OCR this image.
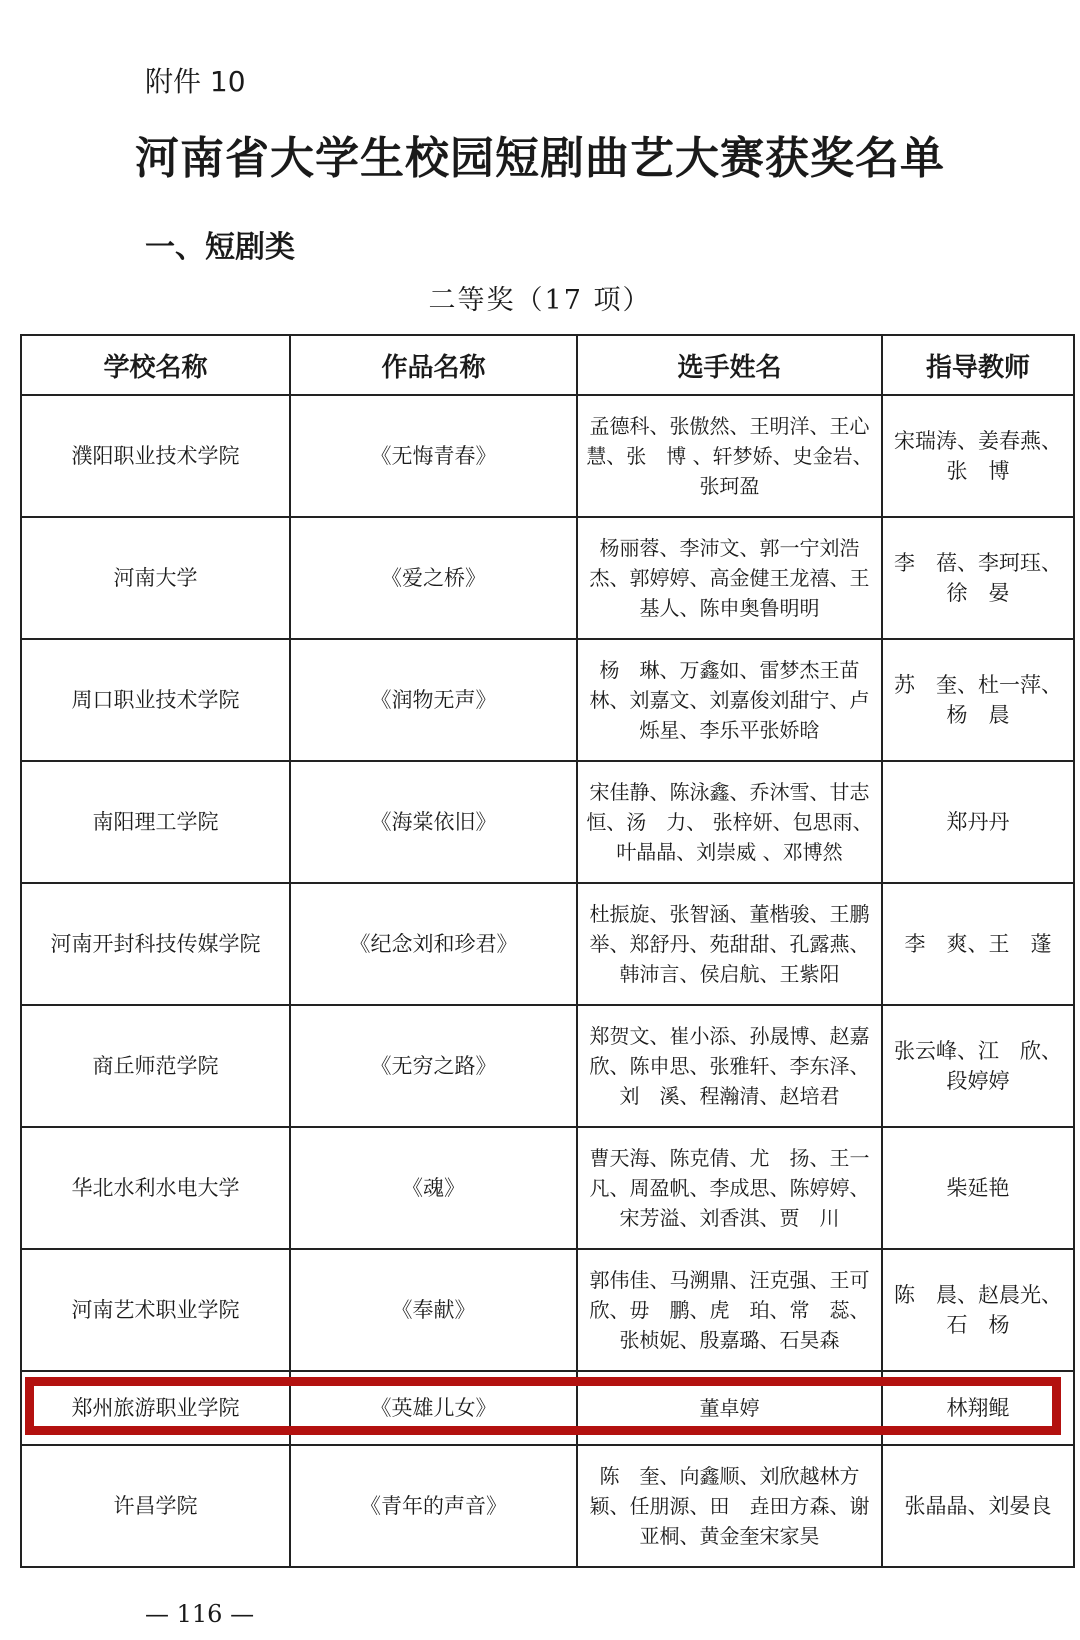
附件 10
河南省大学生校园短剧曲艺大赛获奖名单
一、短剧类
二等奖（17 项）
学校名称	作品名称	选手姓名	指导教师
濮阳职业技术学院	《无悔青春》	孟德科、张傲然、王明洋、王心慧、张　博 、轩梦娇、史金岩、张珂盈	宋瑞涛、姜春燕、张　博
河南大学	《爱之桥》	杨丽蓉、李沛文、郭一宁刘浩杰、郭婷婷、高金健王龙禧、王基人、陈申奥鲁明明	李　蓓、李珂珏、徐　晏
周口职业技术学院	《润物无声》	杨　琳、万鑫如、雷梦杰王苗林、刘嘉文、刘嘉俊刘甜宁、卢烁星、李乐平张娇晗	苏　奎、杜一萍、杨　晨
南阳理工学院	《海棠依旧》	宋佳静、陈泳鑫、乔沐雪、甘志恒、汤　力、 张梓妍、包思雨、叶晶晶、刘崇威 、邓博然	郑丹丹
河南开封科技传媒学院	《纪念刘和珍君》	杜振旋、张智涵、董楷骏、王鹏举、郑舒丹、苑甜甜、孔露燕、韩沛言、侯启航、王紫阳	李　爽、王　蓬
商丘师范学院	《无穷之路》	郑贺文、崔小添、孙晟博、赵嘉欣、陈申思、张雅轩、李东泽、刘　溪、程瀚清、赵培君	张云峰、江　欣、段婷婷
华北水利水电大学	《魂》	曹天海、陈克倩、尤　扬、王一凡、周盈帆、李成思、陈婷婷、宋芳溢、刘香淇、贾　川	柴延艳
河南艺术职业学院	《奉献》	郭伟佳、马溯鼎、汪克强、王可欣、毋　鹏、虎　珀、常　蕊、张桢妮、殷嘉璐、石昊森	陈　晨、赵晨光、石　杨
郑州旅游职业学院	《英雄儿女》	董卓婷	林翔鲲
许昌学院	《青年的声音》	陈　奎、向鑫顺、刘欣越林方颖、任朋源、田　垚田方森、谢亚桐、黄金奎宋家昊	张晶晶、刘晏良
— 116 —
